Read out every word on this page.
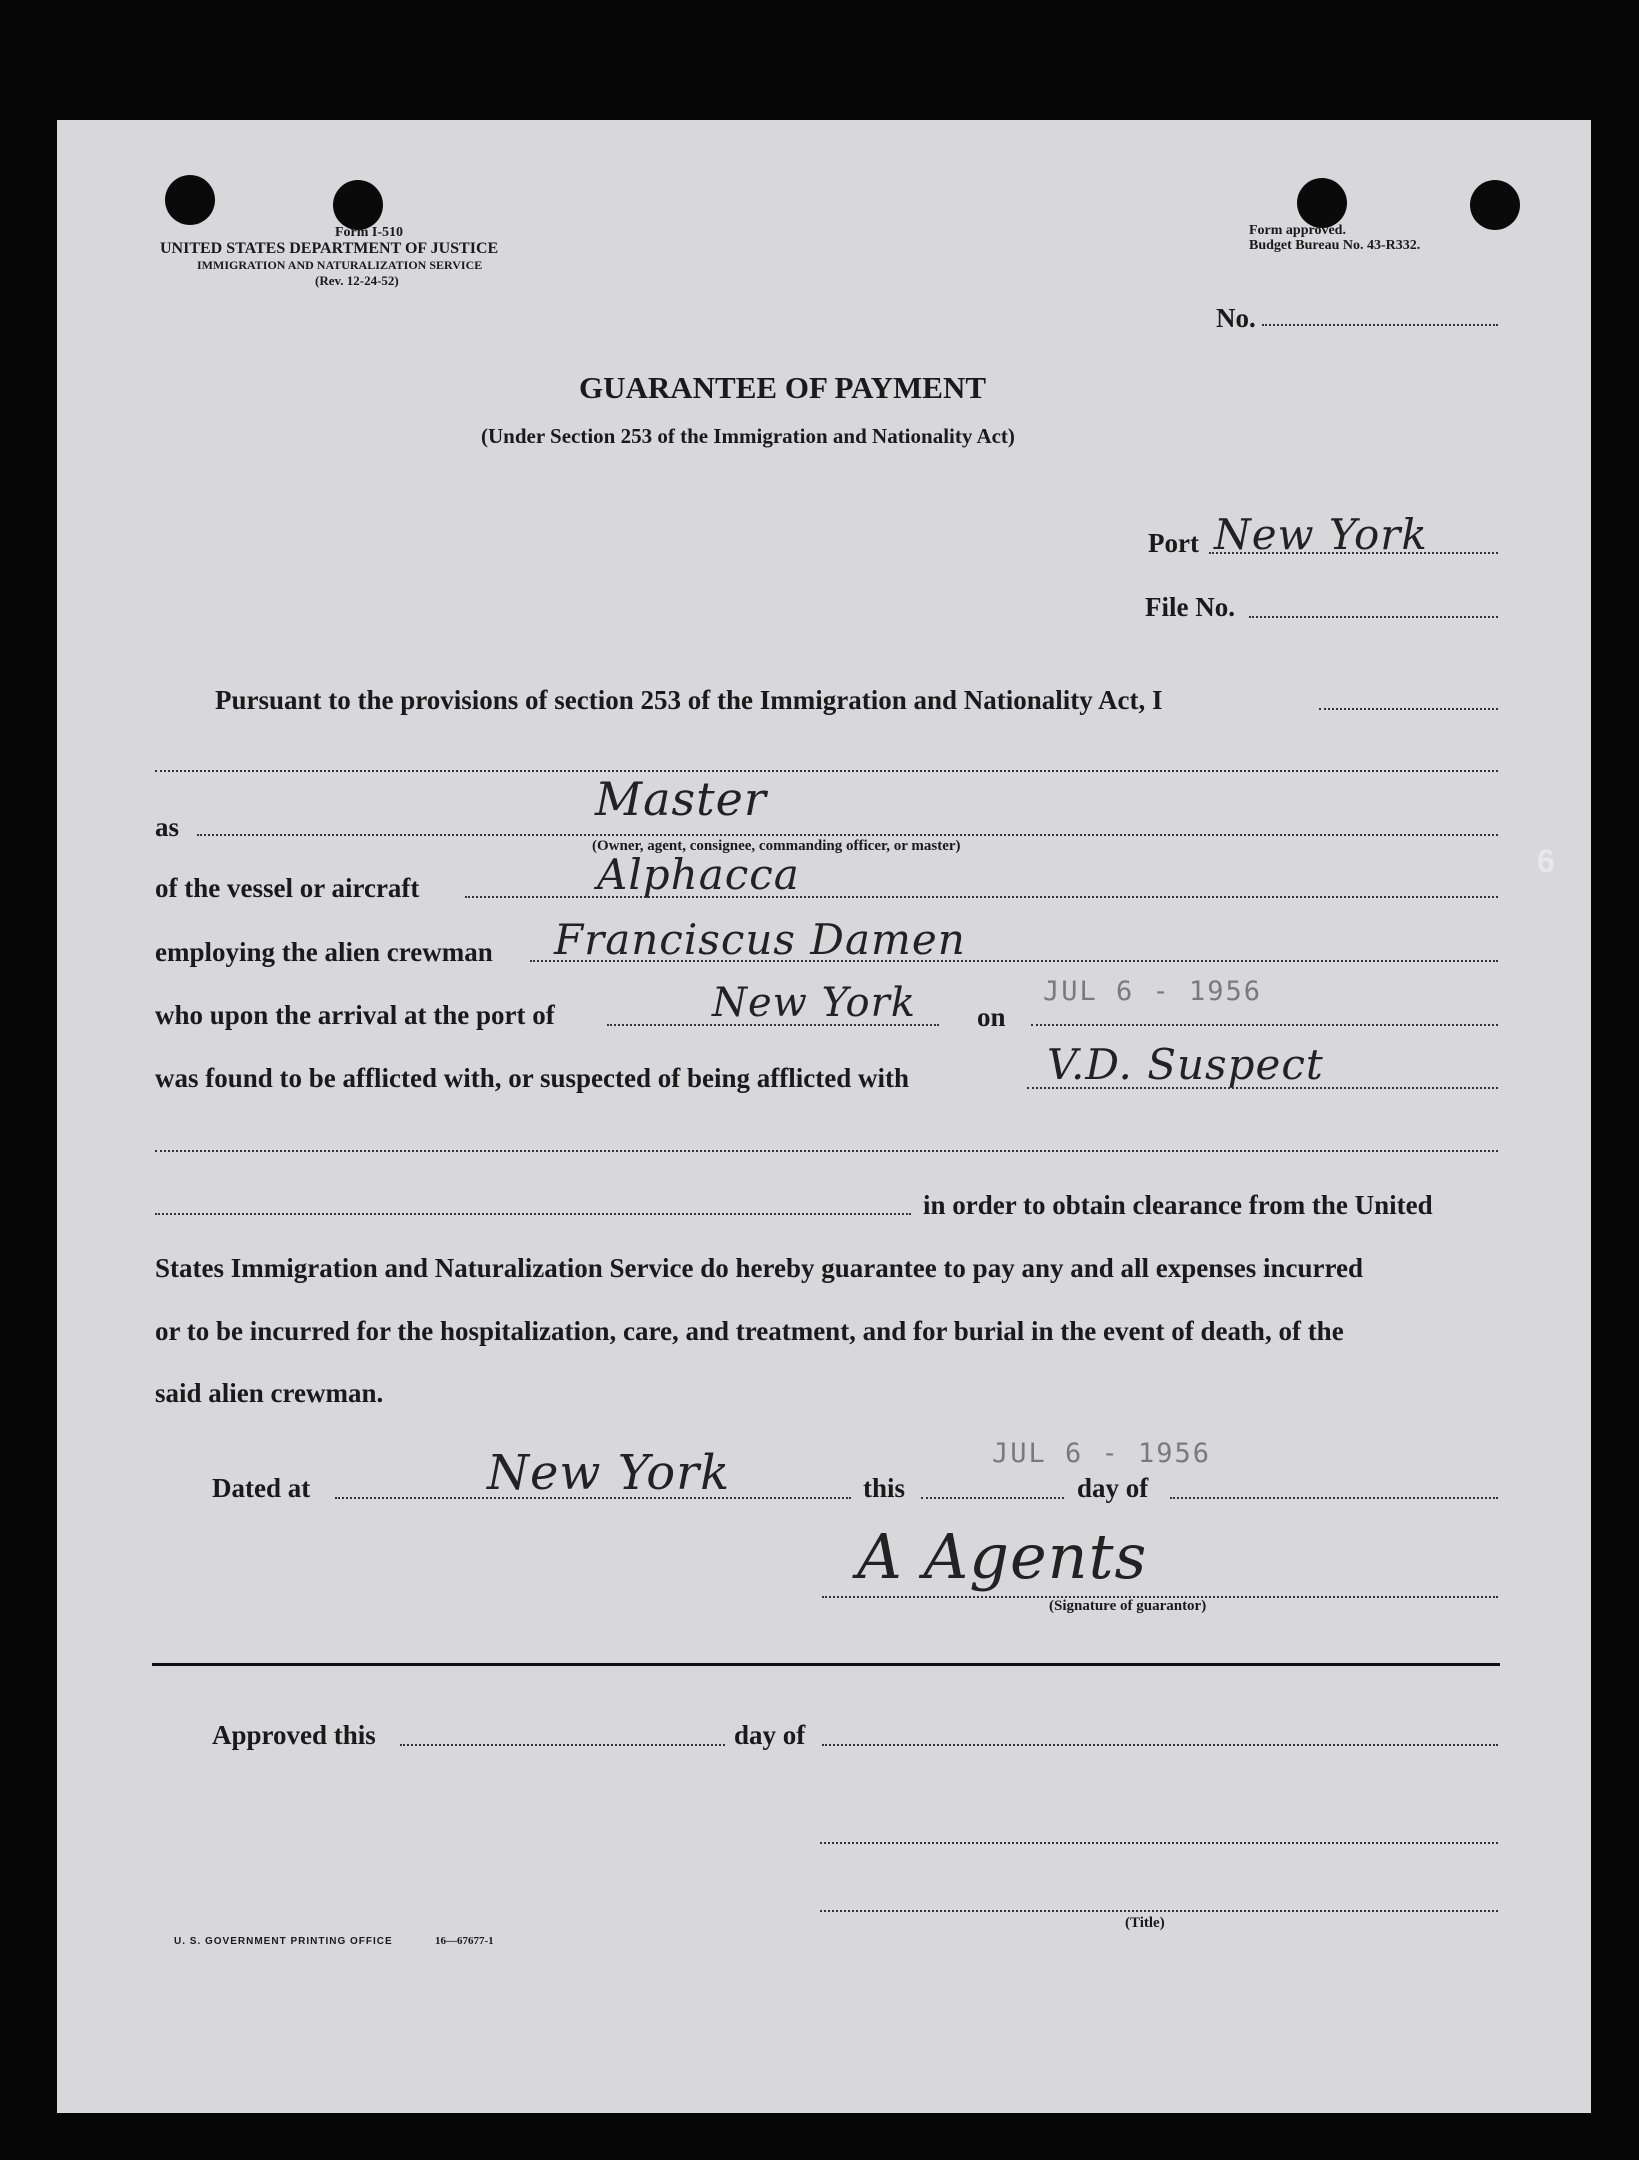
Form I-510
UNITED STATES DEPARTMENT OF JUSTICE
IMMIGRATION AND NATURALIZATION SERVICE
(Rev. 12-24-52)
Form approved.
Budget Bureau No. 43-R332.
No.
GUARANTEE OF PAYMENT
(Under Section 253 of the Immigration and Nationality Act)
Port New York
File No.
Pursuant to the provisions of section 253 of the Immigration and Nationality Act, I
as
Master
(Owner, agent, consignee, commanding officer, or master)
of the vessel or aircraft	Alphacca
employing the alien crewman Franciscus Damen
who upon the arrival at the port of	New York on
JUL 6 - 1956
was found to be afflicted with, or suspected of being afflicted with	V.D. Suspect
in order to obtain clearance from the United
States Immigration and Naturalization Service do hereby guarantee to pay any and all expenses incurred
or to be incurred for the hospitalization, care, and treatment, and for burial in the event of death, of the
said alien crewman.
Dated at	New York	this	day of
JUL 6 - 1956
A Agents
(Signature of guarantor)
Approved this	day of
(Title)
U. S. GOVERNMENT PRINTING OFFICE	16—67677-1
6
